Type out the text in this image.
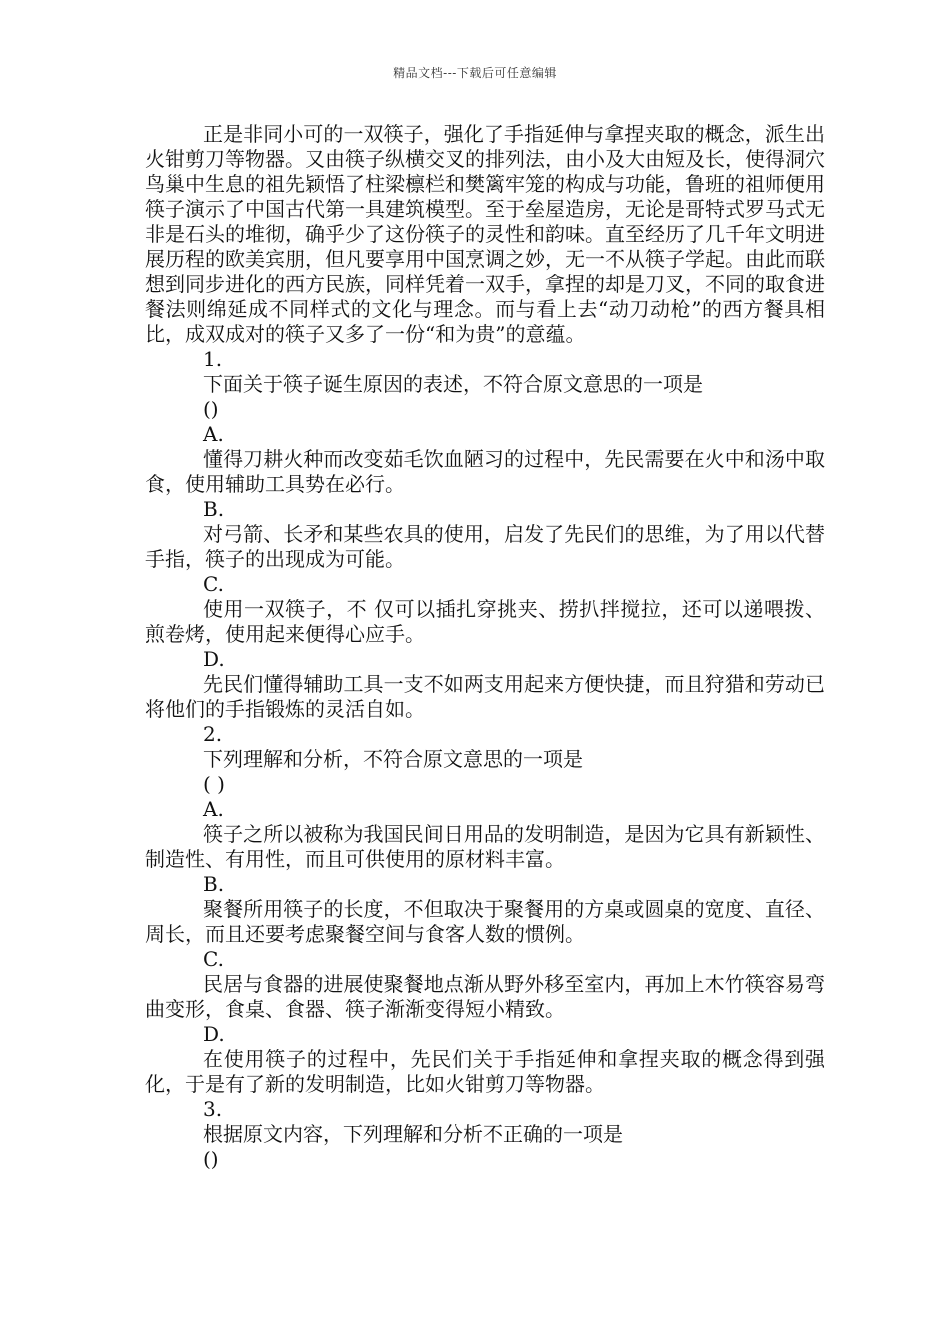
精品文档---下载后可任意编辑

正是非同小可的一双筷子，强化了手指延伸与拿捏夹取的概念，派生出火钳剪刀等物器。又由筷子纵横交叉的排列法，由小及大由短及长，使得洞穴鸟巢中生息的祖先颖悟了柱梁檩栏和樊篱牢笼的构成与功能，鲁班的祖师便用筷子演示了中国古代第一具建筑模型。至于垒屋造房，无论是哥特式罗马式无非是石头的堆彻，确乎少了这份筷子的灵性和韵味。直至经历了几千年文明进展历程的欧美宾朋，但凡要享用中国烹调之妙，无一不从筷子学起。由此而联想到同步进化的西方民族，同样凭着一双手，拿捏的却是刀叉，不同的取食进餐法则绵延成不同样式的文化与理念。而与看上去“动刀动枪”的西方餐具相比，成双成对的筷子又多了一份“和为贵”的意蕴。

1.

下面关于筷子诞生原因的表述，不符合原文意思的一项是

()

A.

懂得刀耕火种而改变茹毛饮血陋习的过程中，先民需要在火中和汤中取食，使用辅助工具势在必行。

B.

对弓箭、长矛和某些农具的使用，启发了先民们的思维，为了用以代替手指，筷子的出现成为可能。

C.

使用一双筷子，不 仅可以插扎穿挑夹、捞扒拌搅拉，还可以递喂拨、煎卷烤，使用起来便得心应手。

D.

先民们懂得辅助工具一支不如两支用起来方便快捷，而且狩猎和劳动已将他们的手指锻炼的灵活自如。

2.

下列理解和分析，不符合原文意思的一项是

( )

A.

筷子之所以被称为我国民间日用品的发明制造，是因为它具有新颖性、制造性、有用性，而且可供使用的原材料丰富。

B.

聚餐所用筷子的长度，不但取决于聚餐用的方桌或圆桌的宽度、直径、周长，而且还要考虑聚餐空间与食客人数的惯例。

C.

民居与食器的进展使聚餐地点渐从野外移至室内，再加上木竹筷容易弯曲变形，食桌、食器、筷子渐渐变得短小精致。

D.

在使用筷子的过程中，先民们关于手指延伸和拿捏夹取的概念得到强化，于是有了新的发明制造，比如火钳剪刀等物器。

3.

根据原文内容，下列理解和分析不正确的一项是

()
